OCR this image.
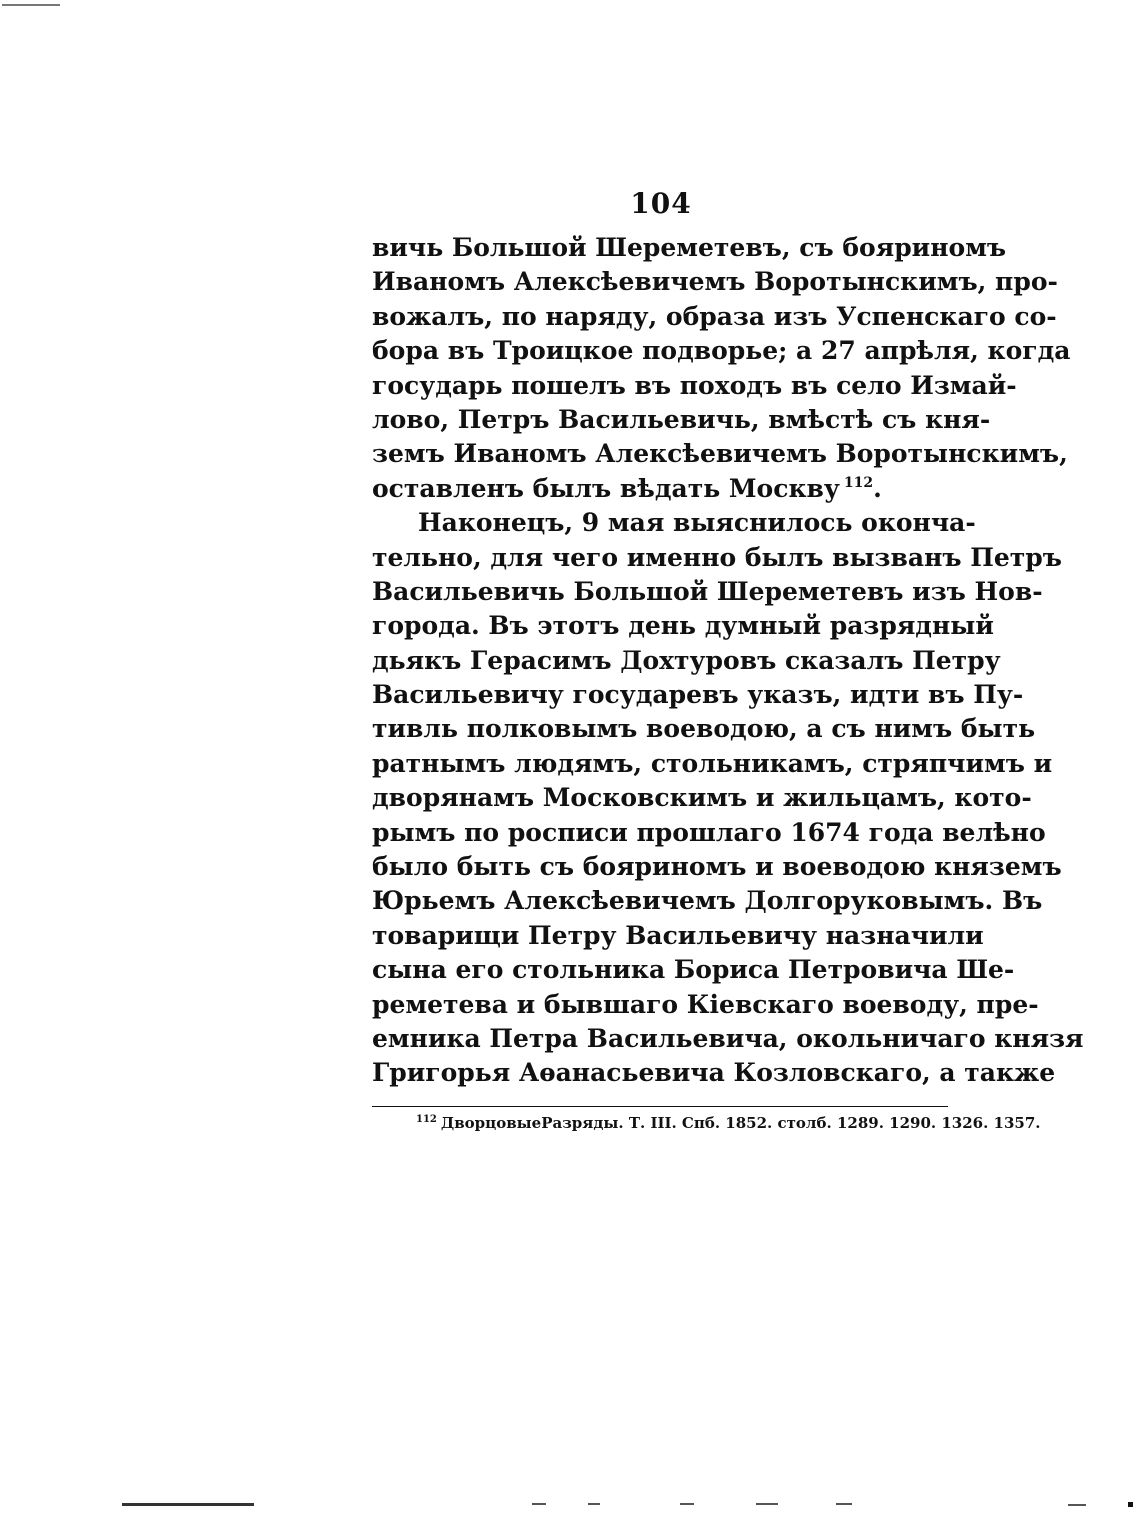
104
вичь Большой Шереметевъ, съ бояриномъ
Иваномъ Алексѣевичемъ Воротынскимъ, про-
вожалъ, по наряду, образа изъ Успенскаго со-
бора въ Троицкое подворье; а 27 апрѣля, когда
государь пошелъ въ походъ въ село Измай-
лово, Петръ Васильевичь, вмѣстѣ съ кня-
земъ Иваномъ Алексѣевичемъ Воротынскимъ,
оставленъ былъ вѣдать Москву $^{112}$.
Наконецъ, 9 мая выяснилось оконча-
тельно, для чего именно былъ вызванъ Петръ
Васильевичь Большой Шереметевъ изъ Нов-
города. Въ этотъ день думный разрядный
дьякъ Герасимъ Дохтуровъ сказалъ Петру
Васильевичу государевъ указъ, идти въ Пу-
тивль полковымъ воеводою, а съ нимъ быть
ратнымъ людямъ, стольникамъ, стряпчимъ и
дворянамъ Московскимъ и жильцамъ, кото-
рымъ по росписи прошлаго 1674 года велѣно
было быть съ бояриномъ и воеводою княземъ
Юрьемъ Алексѣевичемъ Долгоруковымъ. Въ
товарищи Петру Васильевичу назначили
сына его стольника Бориса Петровича Ше-
реметева и бывшаго Кіевскаго воеводу, пре-
емника Петра Васильевича, окольничаго князя
Григорья Аѳанасьевича Козловскаго, а также
$^{112}$ ДворцовыеРазряды. Т. III. Спб. 1852. столб. 1289. 1290. 1326. 1357.
